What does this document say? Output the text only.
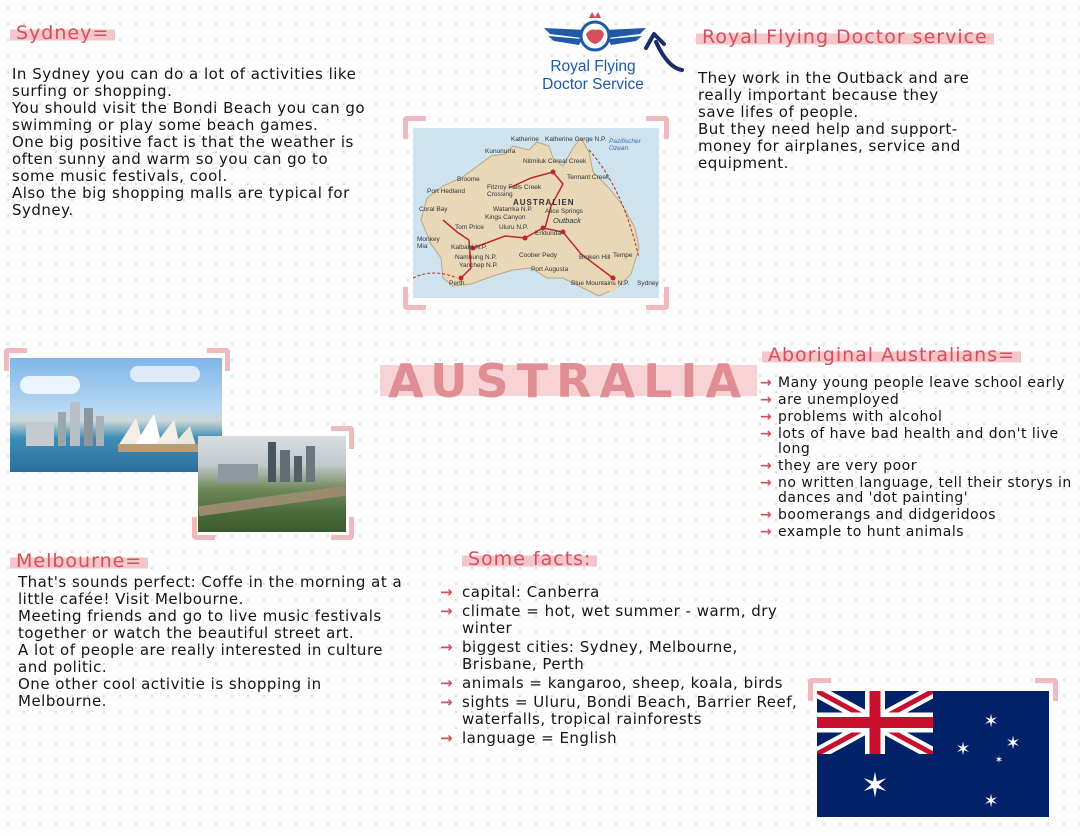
Sydney=

In Sydney you can do a lot of activities like surfing or shopping.

You should visit the Bondi Beach you can go swimming or play some beach games.

One big positive fact is that the weather is often sunny and warm so you can go to some music festivals, cool.

Also the big shopping malls are typical for Sydney.

Royal Flying
Doctor Service
Royal Flying Doctor service

They work in the Outback and are really important because they save lifes of people.

But they need help and support-money for airplanes, service and equipment.

Katherine Katherine Gorge N.P.
Kununurra
Pazifischer Ozean
Nitmiluk Cereal Creek
Tennant Creek
Broome
Fitzroy Falls Creek Crossing
Port Hedland
AUSTRALIEN
Watarrka N.P. Alice Springs
Outback
Coral Bay
Kings Canyon
Tom Price Uluru N.P.
Erldunda
Monkey Mia	Kalbarri N.P.
Coober Pedy	Broken Hill Tempe
Nambung N.P.
Yanchep N.P.
Port Augusta
Perth	Blue Mountains N.P. Sydney
AUSTRALIA Aboriginal Australians=
→ Many young people leave school early
→ are unemployed
→ problems with alcohol
→ lots of have bad health and don't live long
→ they are very poor
→ no written language, tell their storys in dances and 'dot painting'
→ boomerangs and didgeridoos
→ example to hunt animals
Melbourne=

That's sounds perfect: Coffe in the morning at a little cafée! Visit Melbourne.

Meeting friends and go to live music festivals together or watch the beautiful street art.

A lot of people are really interested in culture and politic.

One other cool activitie is shopping in Melbourne.

Some facts:
→ capital: Canberra
→ climate = hot, wet summer - warm, dry winter
→ biggest cities: Sydney, Melbourne, Brisbane, Perth
→ animals = kangaroo, sheep, koala, birds
→ sights = Uluru, Bondi Beach, Barrier Reef, waterfalls, tropical rainforests
→ language = English
✶
✶
✶ ✶
✶
✶
